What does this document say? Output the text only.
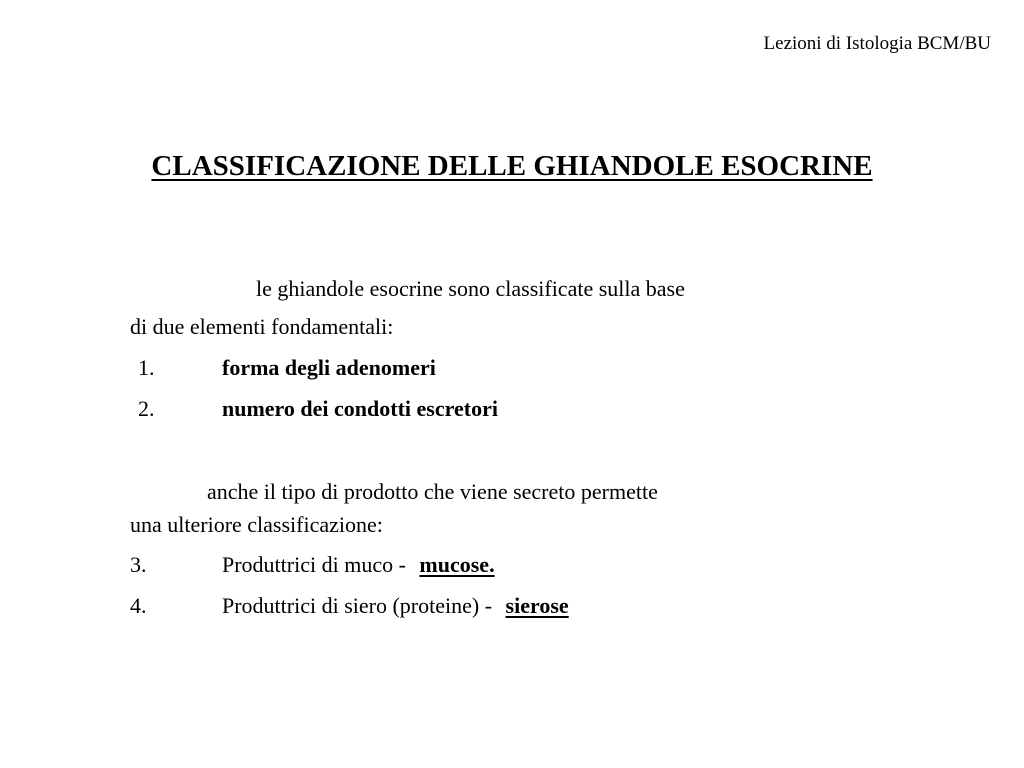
Lezioni di Istologia BCM/BU
CLASSIFICAZIONE DELLE GHIANDOLE ESOCRINE
le ghiandole esocrine sono classificate sulla base
di due elementi fondamentali:
1.	forma degli adenomeri
2.	numero dei condotti escretori
anche il tipo di prodotto che viene secreto permette
una ulteriore classificazione:
3.	Produttrici di muco - mucose.
4.	Produttrici di siero (proteine) - sierose
